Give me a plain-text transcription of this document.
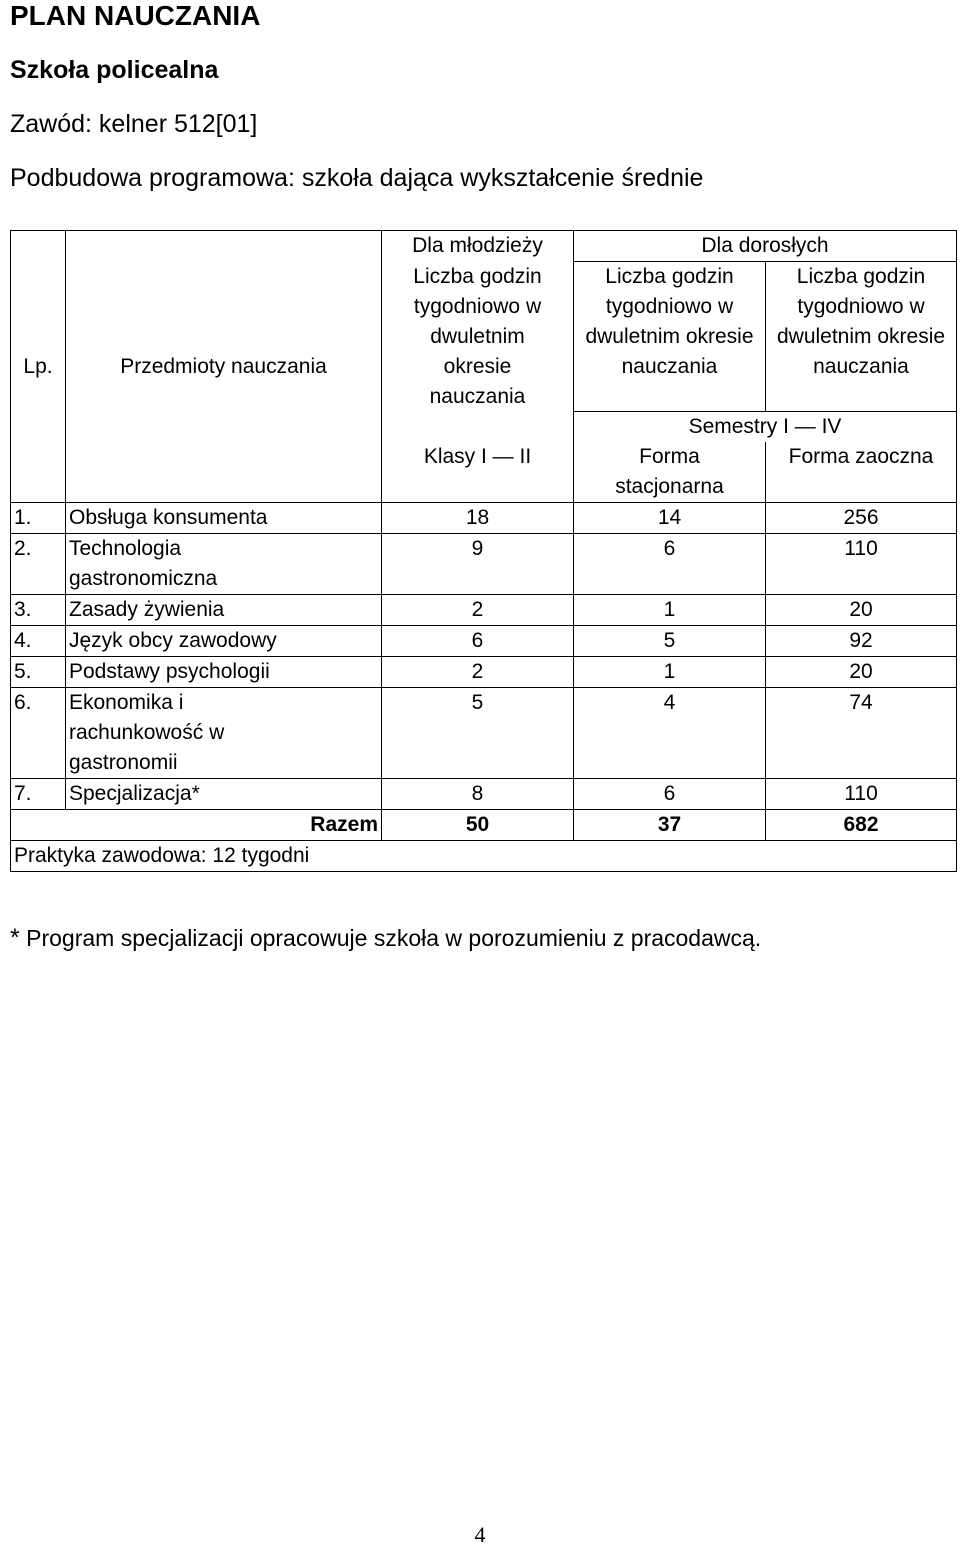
PLAN NAUCZANIA
Szkoła policealna
Zawód: kelner 512[01]
Podbudowa programowa: szkoła dająca wykształcenie średnie
Lp.	Przedmioty nauczania	Dla młodzieży	Dla dorosłych	
		Liczba godzin tygodniowo w dwuletnim okresie nauczania	Liczba godzin tygodniowo w dwuletnim okresie nauczania	Liczba godzin tygodniowo w dwuletnim okresie nauczania
		Klasy I — II	Semestry I — IV	
			Forma stacjonarna	Forma zaoczna
1.	Obsługa konsumenta	18	14	256
2.	Technologia gastronomiczna	9	6	110
3.	Zasady żywienia	2	1	20
4.	Język obcy zawodowy	6	5	92
5.	Podstawy psychologii	2	1	20
6.	Ekonomika i rachunkowość w gastronomii	5	4	74
7.	Specjalizacja*	8	6	110
Razem		50	37	682
Praktyka zawodowa: 12 tygodni				
* Program specjalizacji opracowuje szkoła w porozumieniu z pracodawcą.
4
